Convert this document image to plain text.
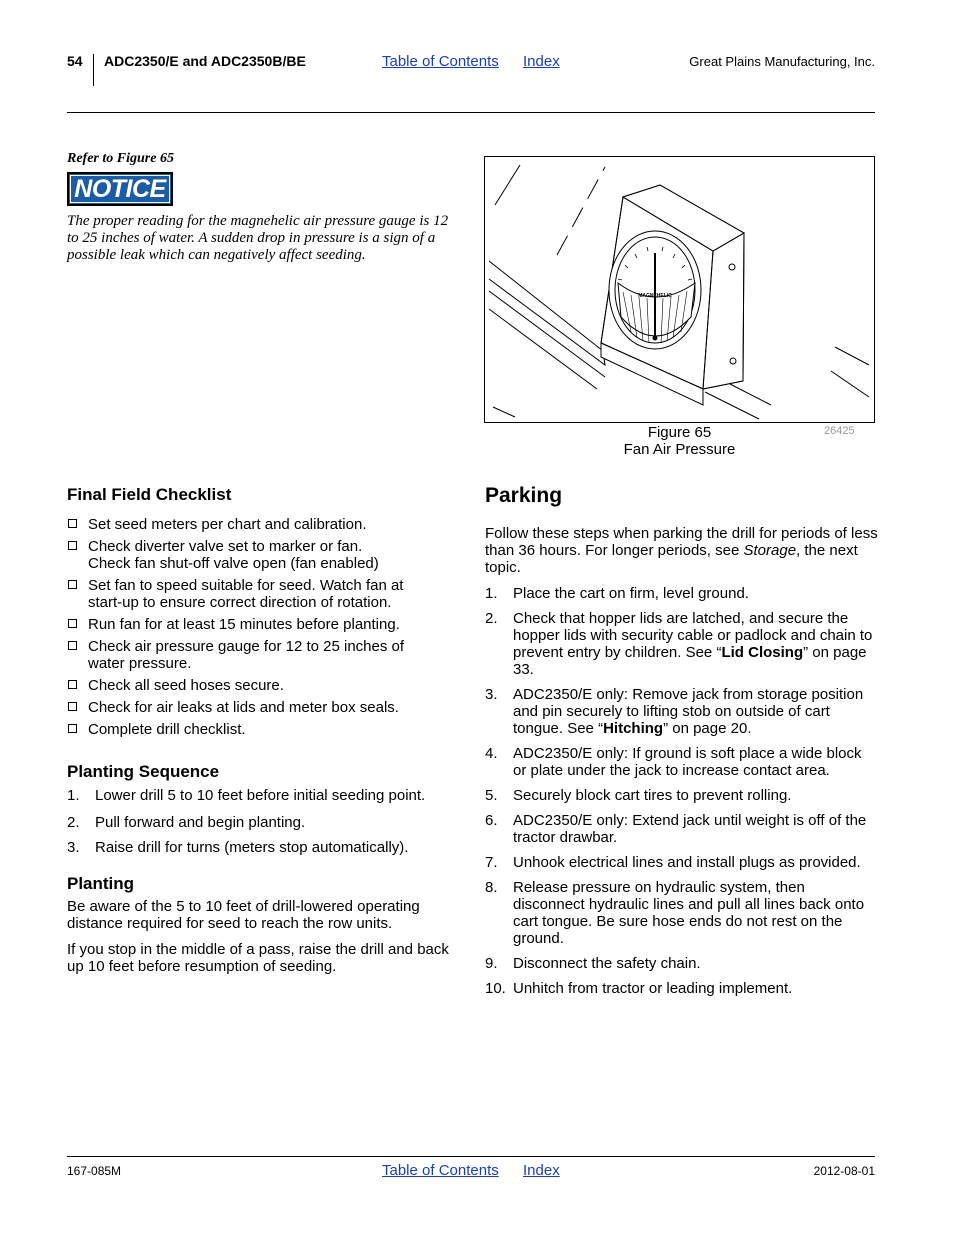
54 ADC2350/E and ADC2350B/BE	Table of Contents Index	Great Plains Manufacturing, Inc.
Refer to Figure 65
NOTICE
The proper reading for the magnehelic air pressure gauge is 12 to 25 inches of water. A sudden drop in pressure is a sign of a possible leak which can negatively affect seeding.
MAGNEHELIC
Figure 65
Fan Air Pressure
26425
Final Field Checklist
Set seed meters per chart and calibration.
Check diverter valve set to marker or fan.
Check fan shut-off valve open (fan enabled)
Set fan to speed suitable for seed. Watch fan at
start-up to ensure correct direction of rotation.
Run fan for at least 15 minutes before planting.
Check air pressure gauge for 12 to 25 inches of
water pressure.
Check all seed hoses secure.
Check for air leaks at lids and meter box seals.
Complete drill checklist.
Planting Sequence
1. Lower drill 5 to 10 feet before initial seeding point.
2. Pull forward and begin planting.
3. Raise drill for turns (meters stop automatically).
Planting

Be aware of the 5 to 10 feet of drill-lowered operating distance required for seed to reach the row units.

If you stop in the middle of a pass, raise the drill and back up 10 feet before resumption of seeding.

Parking
Follow these steps when parking the drill for periods of less than 36 hours. For longer periods, see Storage, the next topic.
1. Place the cart on firm, level ground.
2. Check that hopper lids are latched, and secure the hopper lids with security cable or padlock and chain to prevent entry by children. See “Lid Closing” on page 33.
3. ADC2350/E only: Remove jack from storage position and pin securely to lifting stob on outside of cart tongue. See “Hitching” on page 20.
4. ADC2350/E only: If ground is soft place a wide block or plate under the jack to increase contact area.
5. Securely block cart tires to prevent rolling.
6. ADC2350/E only: Extend jack until weight is off of the tractor drawbar.
7. Unhook electrical lines and install plugs as provided.
8. Release pressure on hydraulic system, then disconnect hydraulic lines and pull all lines back onto cart tongue. Be sure hose ends do not rest on the ground.
9. Disconnect the safety chain.
10. Unhitch from tractor or leading implement.
167-085M	Table of Contents Index	2012-08-01
